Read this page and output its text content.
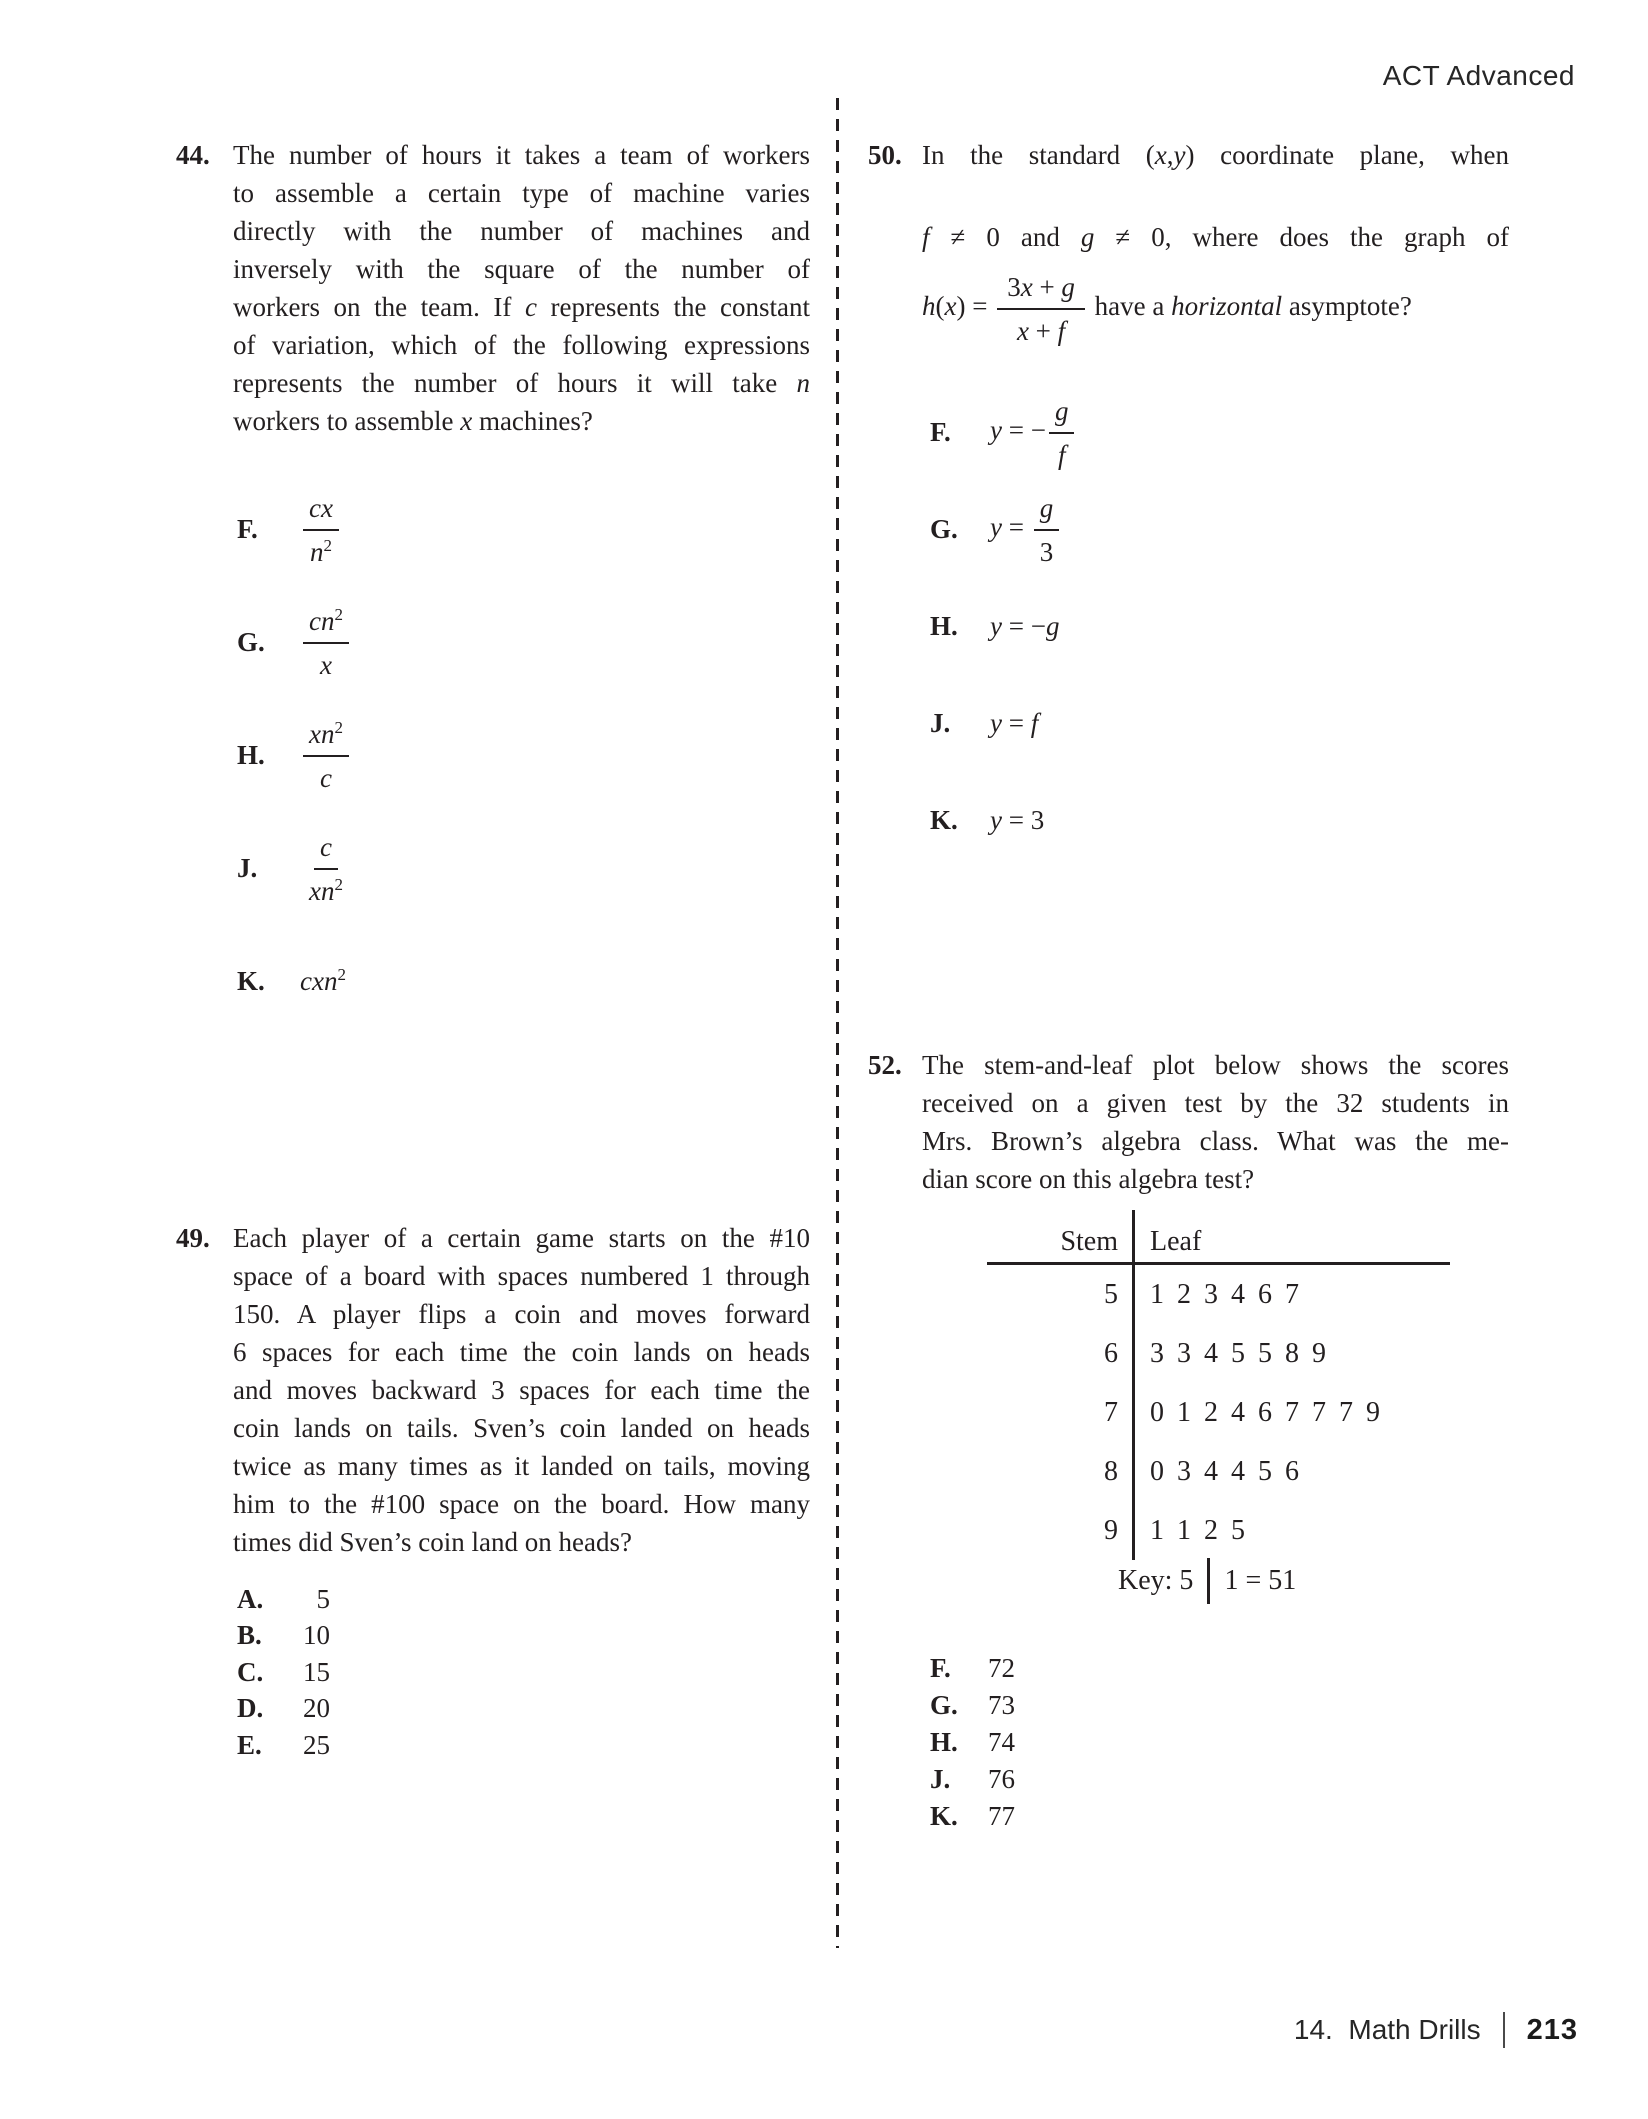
ACT Advanced
44. The number of hours it takes a team of workers
to assemble a certain type of machine varies
directly with the number of machines and
inversely with the square of the number of
workers on the team. If c represents the constant
of variation, which of the following expressions
represents the number of hours it will take n
workers to assemble x machines?
F.	$\frac{cx}{n^2}$
G.	$\frac{cn^2}{x}$
H.	$\frac{xn^2}{c}$
J.	$\frac{c}{xn^2}$
K.	cxn$^2$
49. Each player of a certain game starts on the #10
space of a board with spaces numbered 1 through
150. A player flips a coin and moves forward
6 spaces for each time the coin lands on heads
and moves backward 3 spaces for each time the
coin lands on tails. Sven’s coin landed on heads
twice as many times as it landed on tails, moving
him to the #100 space on the board. How many
times did Sven’s coin land on heads?
A.	5
B.	10
C.	15
D.	20
E.	25
50. In the standard (x,y) coordinate plane, when
f ≠ 0 and g ≠ 0, where does the graph of
$h(x) = \frac{3x + g}{x + f}$ have a horizontal asymptote?
F.	y = − $\frac{g}{f}$
G.	$y = \frac{g}{3}$
H.	y = −g
J.	y = f
K.	y = 3
52. The stem-and-leaf plot below shows the scores
received on a given test by the 32 students in
Mrs. Brown’s algebra class. What was the me-
dian score on this algebra test?
Stem	Leaf
5	1 2 3 4 6 7
6	3 3 4 5 5 8 9
7	0 1 2 4 6 7 7 7 9
8	0 3 4 4 5 6
9	1 1 2 5
Key: 5 1 = 51
F.	72
G.	73
H.	74
J.	76
K.	77
14.  Math Drills 213
